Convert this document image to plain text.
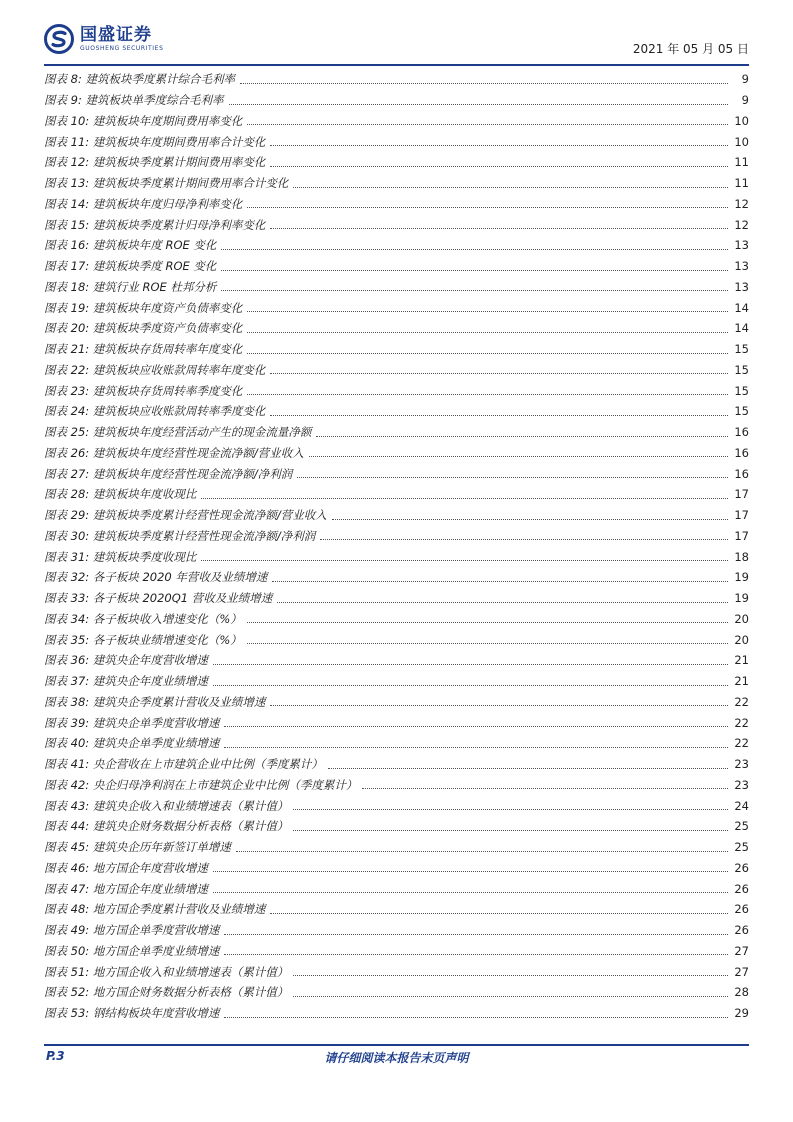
国盛证券
GUOSHENG SECURITIES	2021 年 05 月 05 日
图表 8: 建筑板块季度累计综合毛利率	9
图表 9: 建筑板块单季度综合毛利率	9
图表 10: 建筑板块年度期间费用率变化	10
图表 11: 建筑板块年度期间费用率合计变化	10
图表 12: 建筑板块季度累计期间费用率变化	11
图表 13: 建筑板块季度累计期间费用率合计变化	11
图表 14: 建筑板块年度归母净利率变化	12
图表 15: 建筑板块季度累计归母净利率变化	12
图表 16: 建筑板块年度 ROE 变化	13
图表 17: 建筑板块季度 ROE 变化	13
图表 18: 建筑行业 ROE 杜邦分析	13
图表 19: 建筑板块年度资产负债率变化	14
图表 20: 建筑板块季度资产负债率变化	14
图表 21: 建筑板块存货周转率年度变化	15
图表 22: 建筑板块应收账款周转率年度变化	15
图表 23: 建筑板块存货周转率季度变化	15
图表 24: 建筑板块应收账款周转率季度变化	15
图表 25: 建筑板块年度经营活动产生的现金流量净额	16
图表 26: 建筑板块年度经营性现金流净额/营业收入	16
图表 27: 建筑板块年度经营性现金流净额/净利润	16
图表 28: 建筑板块年度收现比	17
图表 29: 建筑板块季度累计经营性现金流净额/营业收入	17
图表 30: 建筑板块季度累计经营性现金流净额/净利润	17
图表 31: 建筑板块季度收现比	18
图表 32: 各子板块 2020 年营收及业绩增速	19
图表 33: 各子板块 2020Q1 营收及业绩增速	19
图表 34: 各子板块收入增速变化（%）	20
图表 35: 各子板块业绩增速变化（%）	20
图表 36: 建筑央企年度营收增速	21
图表 37: 建筑央企年度业绩增速	21
图表 38: 建筑央企季度累计营收及业绩增速	22
图表 39: 建筑央企单季度营收增速	22
图表 40: 建筑央企单季度业绩增速	22
图表 41: 央企营收在上市建筑企业中比例（季度累计）	23
图表 42: 央企归母净利润在上市建筑企业中比例（季度累计）	23
图表 43: 建筑央企收入和业绩增速表（累计值）	24
图表 44: 建筑央企财务数据分析表格（累计值）	25
图表 45: 建筑央企历年新签订单增速	25
图表 46: 地方国企年度营收增速	26
图表 47: 地方国企年度业绩增速	26
图表 48: 地方国企季度累计营收及业绩增速	26
图表 49: 地方国企单季度营收增速	26
图表 50: 地方国企单季度业绩增速	27
图表 51: 地方国企收入和业绩增速表（累计值）	27
图表 52: 地方国企财务数据分析表格（累计值）	28
图表 53: 钢结构板块年度营收增速	29
P.3	请仔细阅读本报告末页声明
